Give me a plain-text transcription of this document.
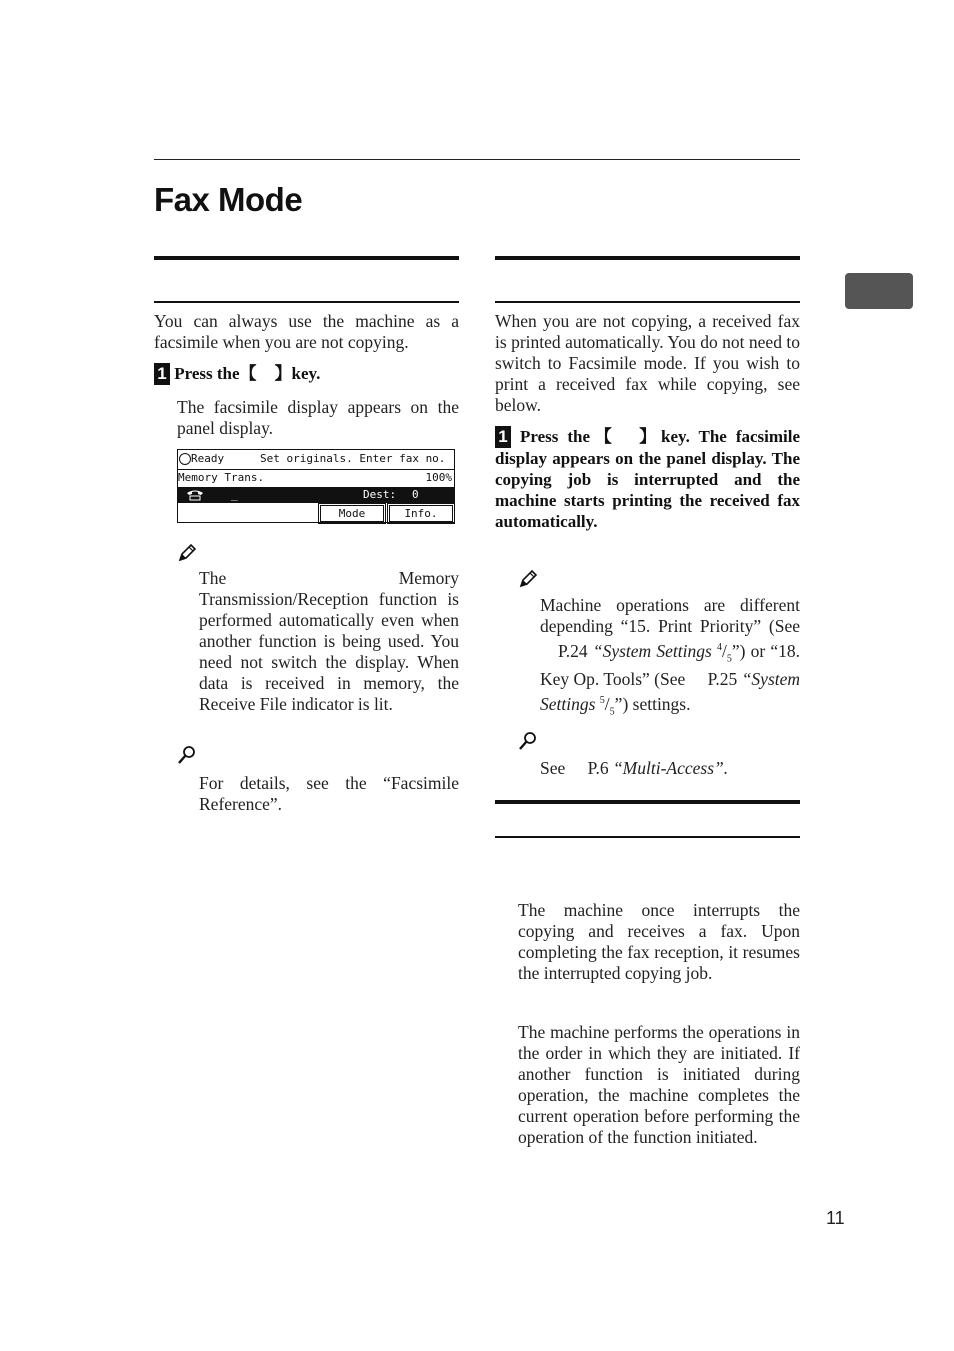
Fax Mode
You can always use the machine as a facsimile when you are not copying.
1 Press the【 】key.
The facsimile display appears on the panel display.
Ready	Set originals. Enter fax no.
Memory Trans.	100%
_	Dest: 0
Mode	Info.
The Memory Transmission/Reception function is performed automatically even when another function is being used. You need not switch the display. When data is received in memory, the Receive File indicator is lit.
For details, see the “Facsimile Reference”.
When you are not copying, a received fax is printed automatically. You do not need to switch to Facsimile mode. If you wish to print a received fax while copying, see below.
1 Press the【 】key. The facsimile display appears on the panel display. The copying job is interrupted and the machine starts printing the received fax automatically.
Machine operations are different depending “15. Print Priority” (See P.24 “System Settings $^4/_5$”) or “18. Key Op. Tools” (See P.25 “System Settings $^5/_5$”) settings.
See P.6 “Multi-Access”.
The machine once interrupts the copying and receives a fax. Upon completing the fax reception, it resumes the interrupted copying job.
The machine performs the operations in the order in which they are initiated. If another function is initiated during operation, the machine completes the current operation before performing the operation of the function initiated.
11
